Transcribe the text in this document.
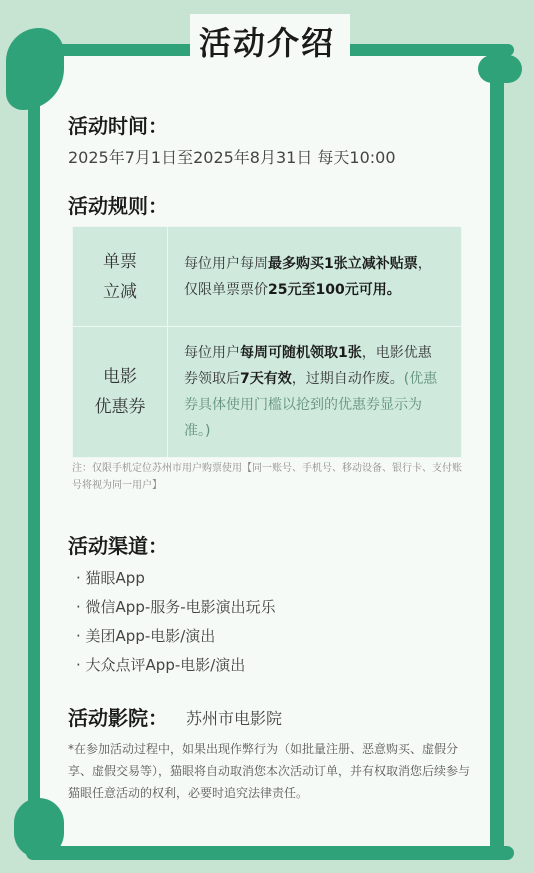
活动介绍
活动时间：
2025年7月1日至2025年8月31日 每天10:00
活动规则：
单票
立减	每位用户每周最多购买1张立减补贴票，仅限单票票价25元至100元可用。
电影
优惠券	每位用户每周可随机领取1张，电影优惠券领取后7天有效，过期自动作废。(优惠券具体使用门槛以抢到的优惠券显示为准。)
注：仅限手机定位苏州市用户购票使用【同一账号、手机号、移动设备、银行卡、支付账号将视为同一用户】
活动渠道：
· 猫眼App
· 微信App-服务-电影演出玩乐
· 美团App-电影/演出
· 大众点评App-电影/演出
活动影院： 苏州市电影院
*在参加活动过程中，如果出现作弊行为（如批量注册、恶意购买、虚假分享、虚假交易等），猫眼将自动取消您本次活动订单，并有权取消您后续参与猫眼任意活动的权利，必要时追究法律责任。
